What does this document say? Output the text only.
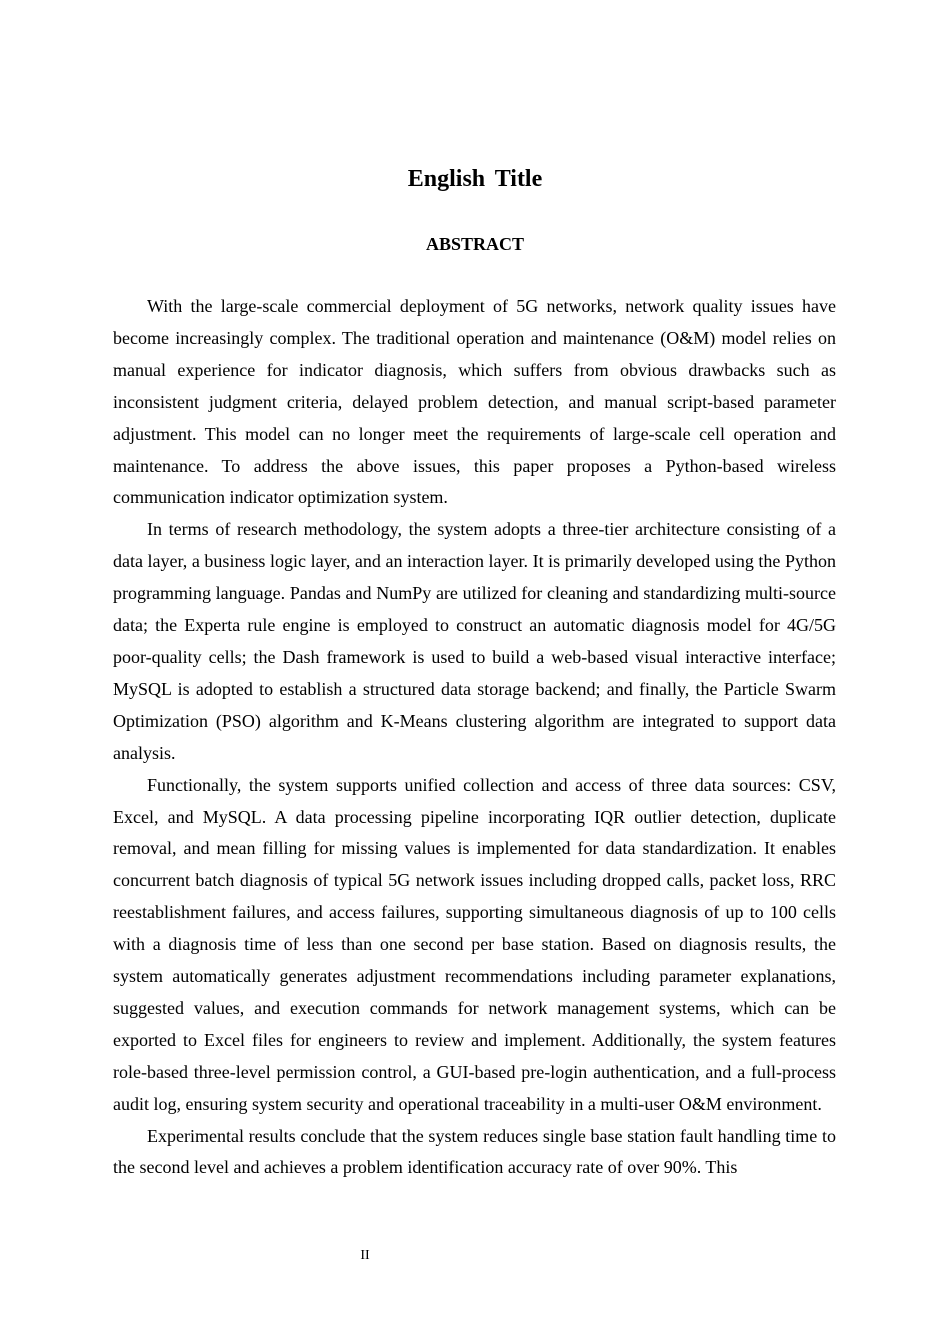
English Title
ABSTRACT

With the large-scale commercial deployment of 5G networks, network quality issues have become increasingly complex. The traditional operation and maintenance (O&M) model relies on manual experience for indicator diagnosis, which suffers from obvious drawbacks such as inconsistent judgment criteria, delayed problem detection, and manual script-based parameter adjustment. This model can no longer meet the requirements of large-scale cell operation and maintenance. To address the above issues, this paper proposes a Python-based wireless communication indicator optimization system.

In terms of research methodology, the system adopts a three-tier architecture consisting of a data layer, a business logic layer, and an interaction layer. It is primarily developed using the Python programming language. Pandas and NumPy are utilized for cleaning and standardizing multi-source data; the Experta rule engine is employed to construct an automatic diagnosis model for 4G/5G poor-quality cells; the Dash framework is used to build a web-based visual interactive interface; MySQL is adopted to establish a structured data storage backend; and finally, the Particle Swarm Optimization (PSO) algorithm and K-Means clustering algorithm are integrated to support data analysis.

Functionally, the system supports unified collection and access of three data sources: CSV, Excel, and MySQL. A data processing pipeline incorporating IQR outlier detection, duplicate removal, and mean filling for missing values is implemented for data standardization. It enables concurrent batch diagnosis of typical 5G network issues including dropped calls, packet loss, RRC reestablishment failures, and access failures, supporting simultaneous diagnosis of up to 100 cells with a diagnosis time of less than one second per base station. Based on diagnosis results, the system automatically generates adjustment recommendations including parameter explanations, suggested values, and execution commands for network management systems, which can be exported to Excel files for engineers to review and implement. Additionally, the system features role-based three-level permission control, a GUI-based pre-login authentication, and a full-process audit log, ensuring system security and operational traceability in a multi-user O&M environment.

Experimental results conclude that the system reduces single base station fault handling time to the second level and achieves a problem identification accuracy rate of over 90%. This

II
